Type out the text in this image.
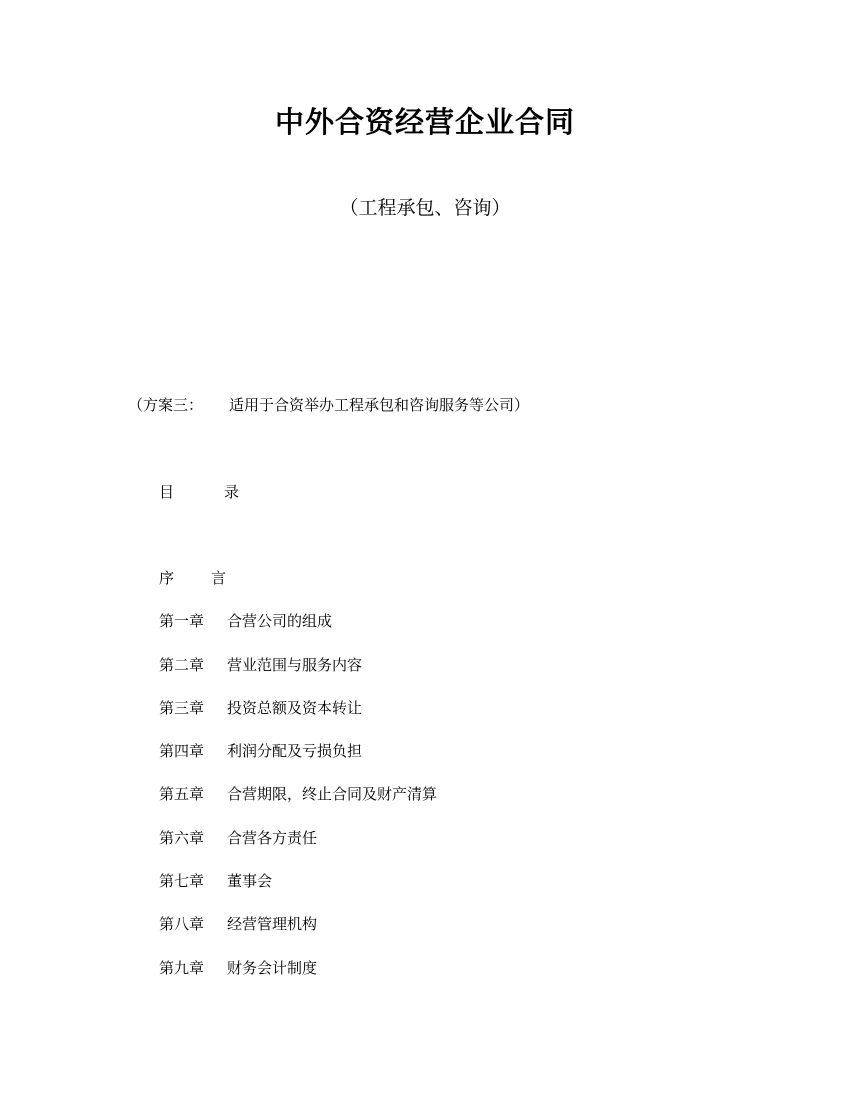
中外合资经营企业合同
（工程承包、咨询）
（方案三： 适用于合资举办工程承包和咨询服务等公司）
目	录
序 言
第一章 合营公司的组成
第二章 营业范围与服务内容
第三章 投资总额及资本转让
第四章 利润分配及亏损负担
第五章 合营期限，终止合同及财产清算
第六章 合营各方责任
第七章 董事会
第八章 经营管理机构
第九章 财务会计制度
